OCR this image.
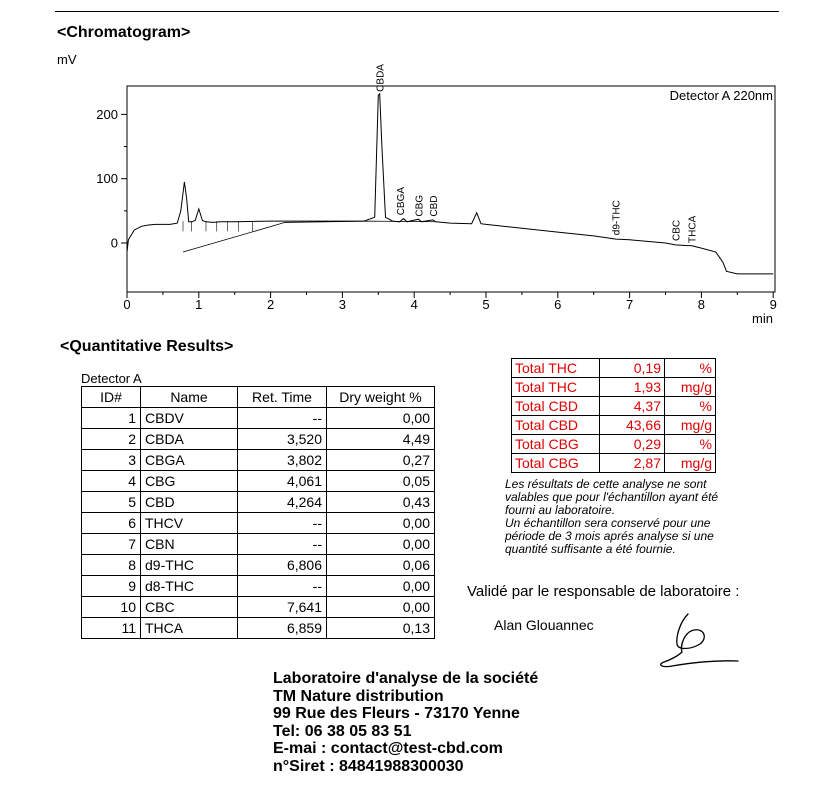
<Chromatogram>
mV
0
100
200
0	1	2	3	4	5	6	7	8	9
CBDA
CBGA CBG CBD	d9-THC	CBC THCA
Detector A 220nm
min
<Quantitative Results>
Detector A
ID#	Name	Ret. Time	Dry weight %
1	CBDV	--	0,00
2	CBDA	3,520	4,49
3	CBGA	3,802	0,27
4	CBG	4,061	0,05
5	CBD	4,264	0,43
6	THCV	--	0,00
7	CBN	--	0,00
8	d9-THC	6,806	0,06
9	d8-THC	--	0,00
10	CBC	7,641	0,00
11	THCA	6,859	0,13
Total THC	0,19	%
Total THC	1,93	mg/g
Total CBD	4,37	%
Total CBD	43,66	mg/g
Total CBG	0,29	%
Total CBG	2,87	mg/g
Les résultats de cette analyse ne sont
valables que pour l'échantillon ayant été
fourni au laboratoire.
Un échantillon sera conservé pour une
période de 3 mois aprés analyse si une
quantité suffisante a été fournie.
Validé par le responsable de laboratoire :
Alan Glouannec
Laboratoire d'analyse de la société
TM Nature distribution
99 Rue des Fleurs - 73170 Yenne
Tel: 06 38 05 83 51
E-mai : contact@test-cbd.com
n°Siret : 84841988300030
